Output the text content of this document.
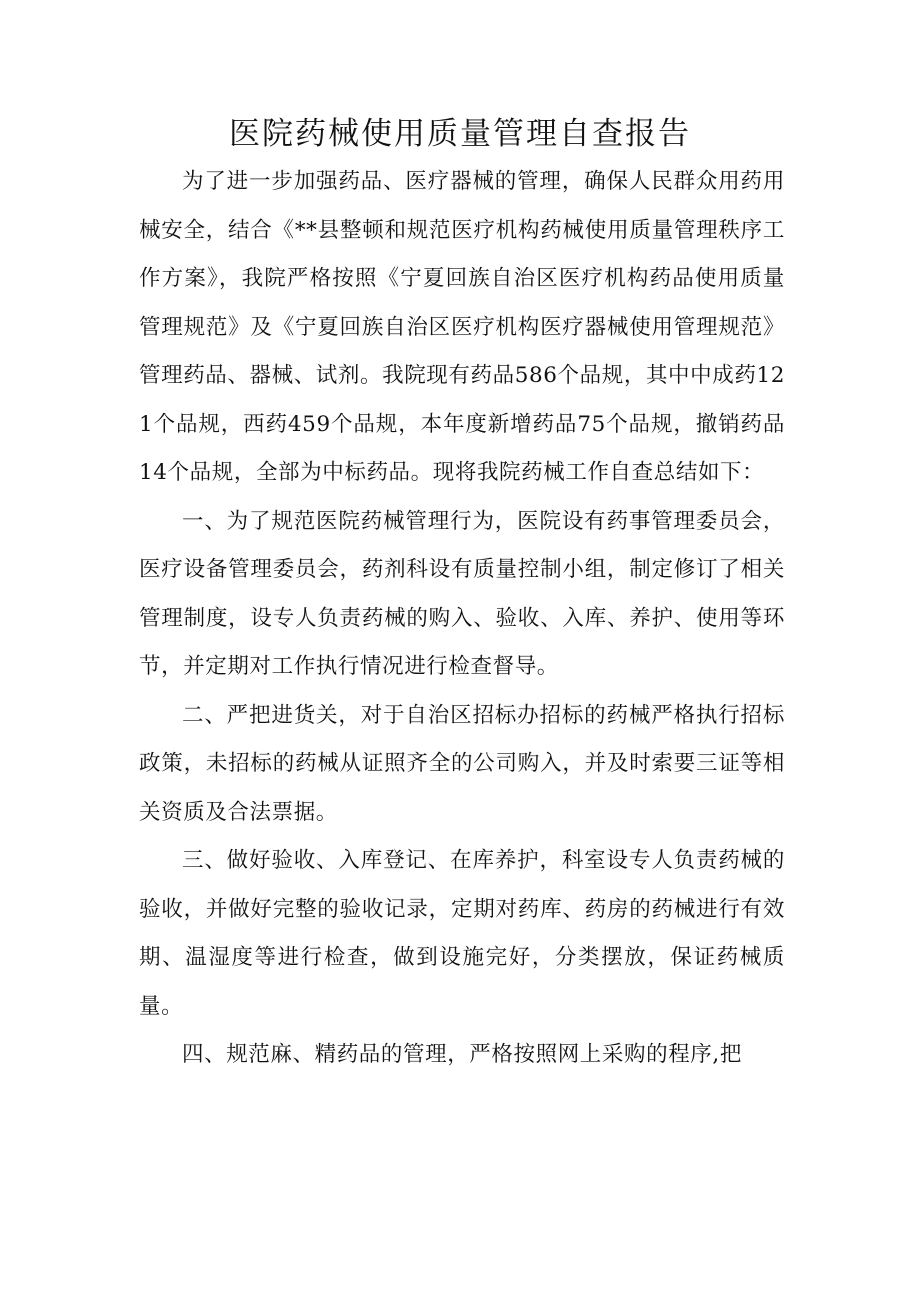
医院药械使用质量管理自查报告

为了进一步加强药品、医疗器械的管理，确保人民群众用药用械安全，结合《**县整顿和规范医疗机构药械使用质量管理秩序工作方案》，我院严格按照《宁夏回族自治区医疗机构药品使用质量管理规范》及《宁夏回族自治区医疗机构医疗器械使用管理规范》管理药品、器械、试剂。我院现有药品586个品规，其中中成药121个品规，西药459个品规，本年度新增药品75个品规，撤销药品14个品规，全部为中标药品。现将我院药械工作自查总结如下：

一、为了规范医院药械管理行为，医院设有药事管理委员会，医疗设备管理委员会，药剂科设有质量控制小组，制定修订了相关管理制度，设专人负责药械的购入、验收、入库、养护、使用等环节，并定期对工作执行情况进行检查督导。

二、严把进货关，对于自治区招标办招标的药械严格执行招标政策，未招标的药械从证照齐全的公司购入，并及时索要三证等相关资质及合法票据。

三、做好验收、入库登记、在库养护，科室设专人负责药械的验收，并做好完整的验收记录，定期对药库、药房的药械进行有效期、温湿度等进行检查，做到设施完好，分类摆放，保证药械质量。

四、规范麻、精药品的管理，严格按照网上采购的程序,把
